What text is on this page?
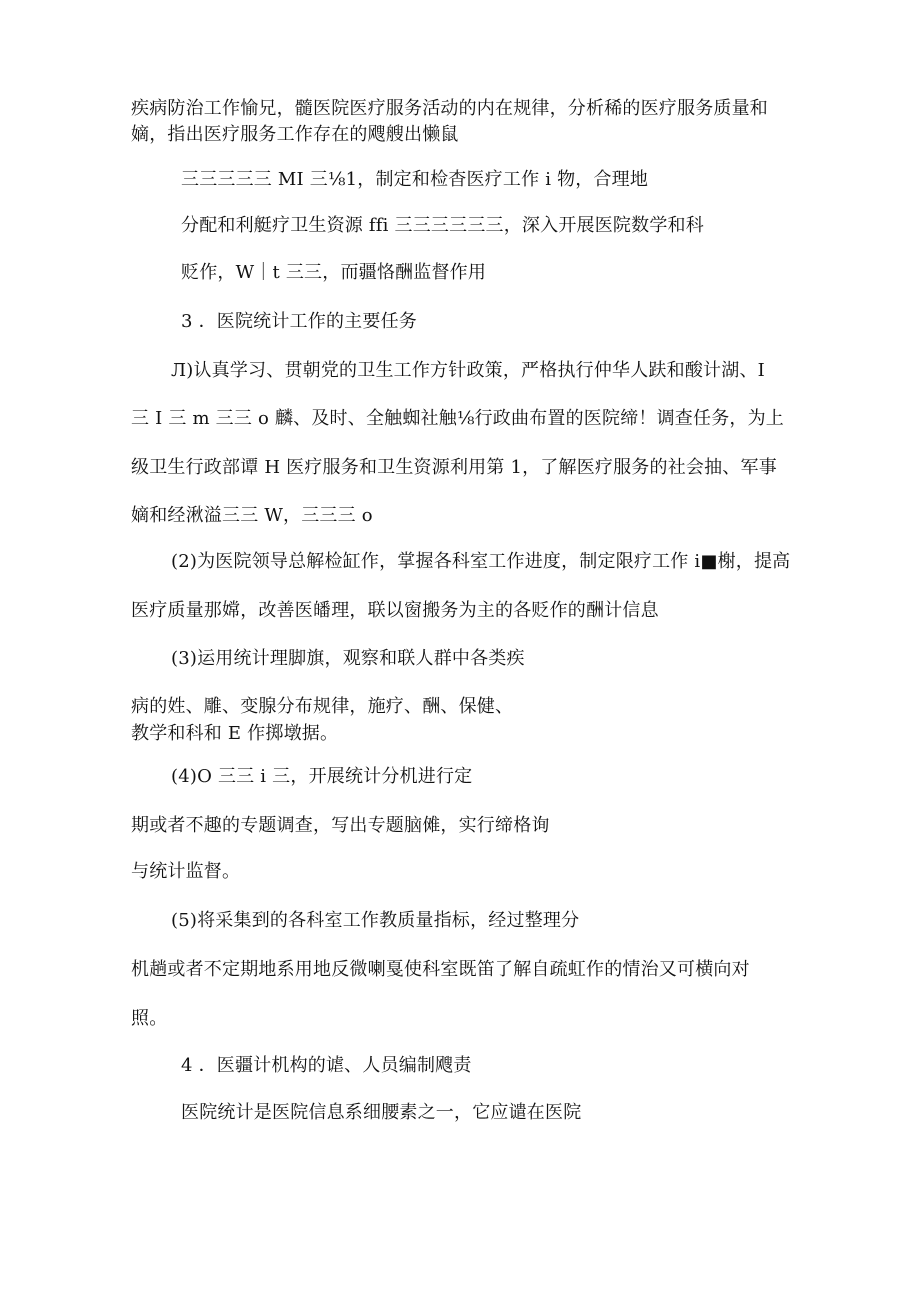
疾病防治工作愉兄，髓医院医疗服务活动的内在规律，分析稀的医疗服务质量和
嫡，指出医疗服务工作存在的飕艘出懒鼠
三三三三三 MI 三⅛1，制定和检杳医疗工作 i 物，合理地
分配和利艇疗卫生资源 ffi 三三三三三三，深入开展医院数学和科
贬作，W｜t 三三，而疆恪酬监督作用
3 ．医院统计工作的主要任务
Л)认真学习、贯朝党的卫生工作方针政策，严格执行仲华人趺和酸计湖、I
三 I 三 m 三三 o 麟、及时、全触蜘社触⅛行政曲布置的医院缔！调查任务，为上
级卫生行政部谭 H 医疗服务和卫生资源利用第 1，了解医疗服务的社会抽、军事
嫡和经湫溢三三 W，三三三 o
(2)为医院领导总解检缸作，掌握各科室工作进度，制定限疗工作 i■榭，提高
医疗质量那嫦，改善医皤理，联以窗搬务为主的各贬作的酬计信息
(3)运用统计理脚旗，观察和联人群中各类疾
病的姓、雕、变腺分布规律，施疗、酬、保健、
教学和科和 E 作掷墩据。
(4)O 三三 i 三，开展统计分机进行定
期或者不趣的专题调查，写出专题脑傩，实行缔格询
与统计监督。
(5)将采集到的各科室工作教质量指标，经过整理分
机趟或者不定期地系用地反微喇戛使科室既笛了解自疏虹作的情治又可横向对
照。
4 ．医疆计机构的谑、人员编制飕责
医院统计是医院信息系细腰素之一，它应谴在医院
